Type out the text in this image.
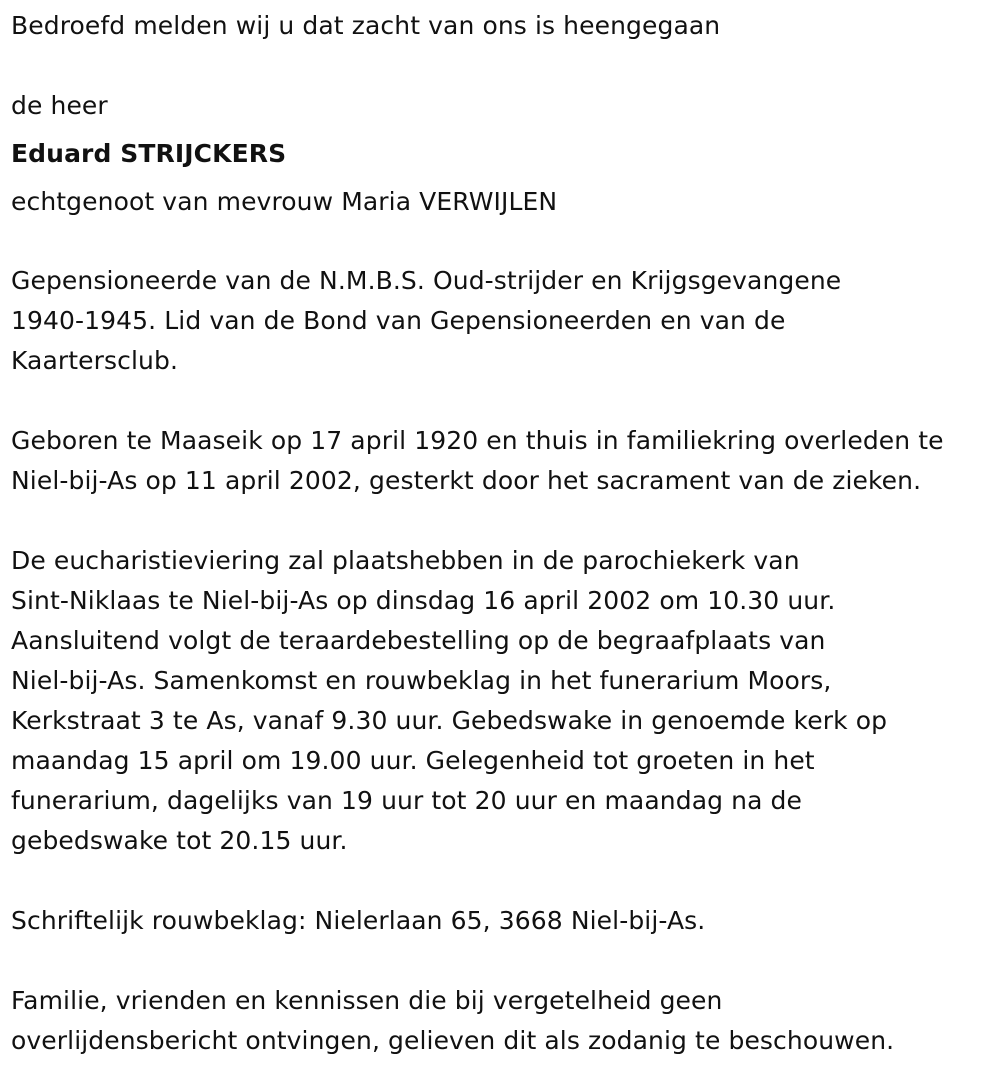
Bedroefd melden wij u dat zacht van ons is heengegaan
de heer
Eduard STRIJCKERS
echtgenoot van mevrouw Maria VERWIJLEN
Gepensioneerde van de N.M.B.S. Oud-strijder en Krijgsgevangene
1940-1945. Lid van de Bond van Gepensioneerden en van de
Kaartersclub.
Geboren te Maaseik op 17 april 1920 en thuis in familiekring overleden te
Niel-bij-As op 11 april 2002, gesterkt door het sacrament van de zieken.
De eucharistieviering zal plaatshebben in de parochiekerk van
Sint-Niklaas te Niel-bij-As op dinsdag 16 april 2002 om 10.30 uur.
Aansluitend volgt de teraardebestelling op de begraafplaats van
Niel-bij-As. Samenkomst en rouwbeklag in het funerarium Moors,
Kerkstraat 3 te As, vanaf 9.30 uur. Gebedswake in genoemde kerk op
maandag 15 april om 19.00 uur. Gelegenheid tot groeten in het
funerarium, dagelijks van 19 uur tot 20 uur en maandag na de
gebedswake tot 20.15 uur.
Schriftelijk rouwbeklag: Nielerlaan 65, 3668 Niel-bij-As.
Familie, vrienden en kennissen die bij vergetelheid geen
overlijdensbericht ontvingen, gelieven dit als zodanig te beschouwen.
